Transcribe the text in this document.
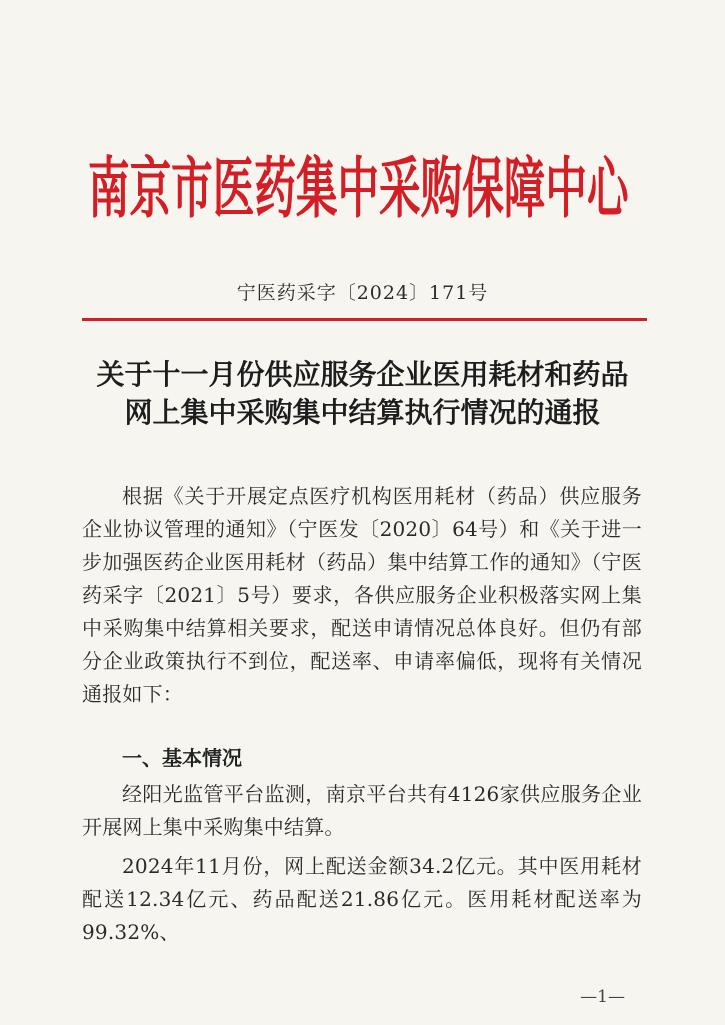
南京市医药集中采购保障中心

宁医药采字〔2024〕171号

关于十一月份供应服务企业医用耗材和药品
网上集中采购集中结算执行情况的通报

根据《关于开展定点医疗机构医用耗材（药品）供应服务企业协议管理的通知》（宁医发〔2020〕64号）和《关于进一步加强医药企业医用耗材（药品）集中结算工作的通知》（宁医药采字〔2021〕5号）要求，各供应服务企业积极落实网上集中采购集中结算相关要求，配送申请情况总体良好。但仍有部分企业政策执行不到位，配送率、申请率偏低，现将有关情况通报如下：

一、基本情况

经阳光监管平台监测，南京平台共有4126家供应服务企业开展网上集中采购集中结算。

2024年11月份，网上配送金额34.2亿元。其中医用耗材配送12.34亿元、药品配送21.86亿元。医用耗材配送率为99.32%、

—1—
